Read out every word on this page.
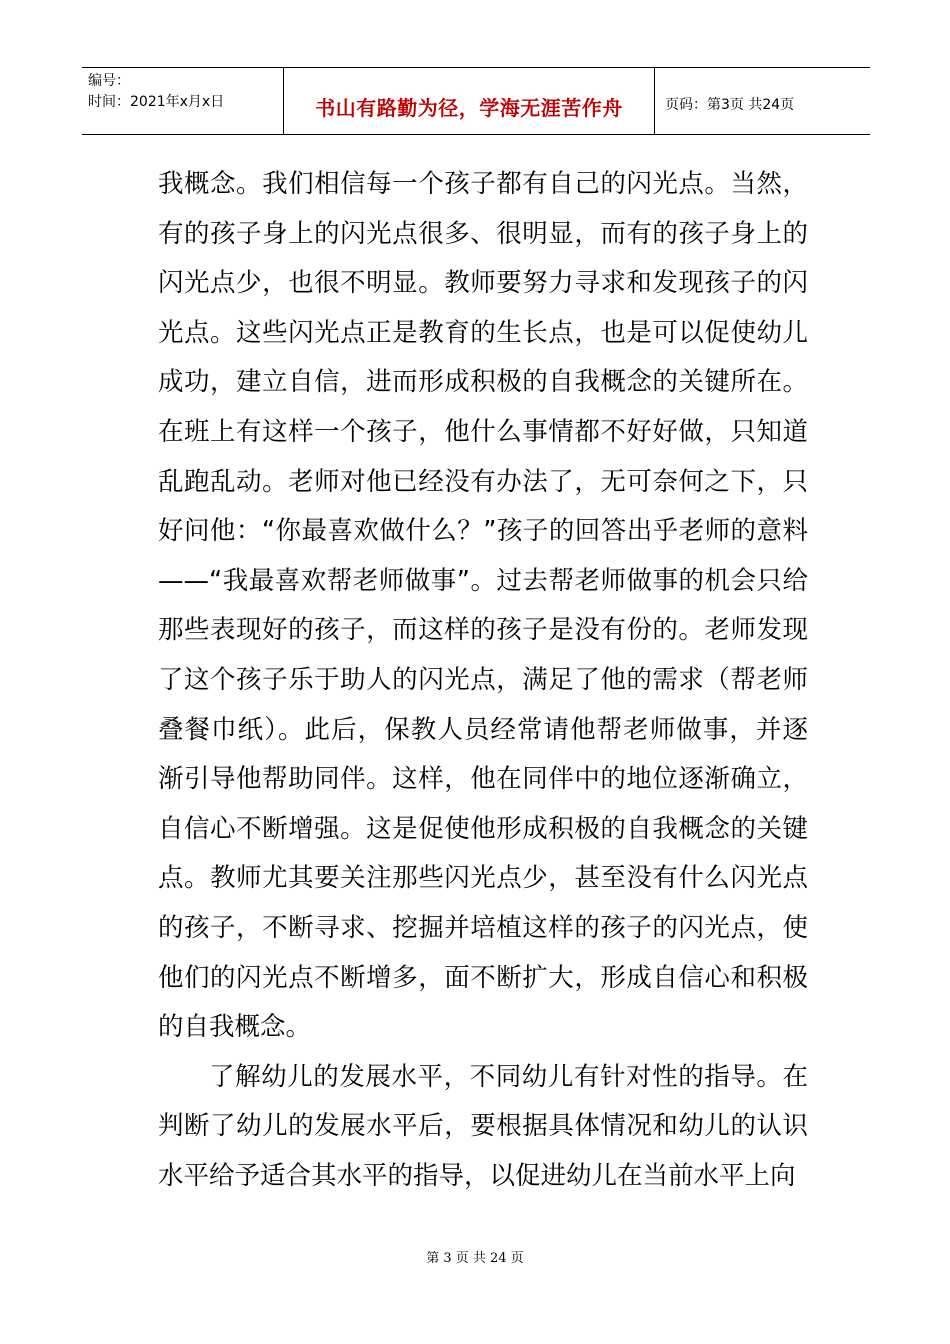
编号：
时间：2021年x月x日	书山有路勤为径，学海无涯苦作舟	页码：第3页 共24页

我概念。我们相信每一个孩子都有自己的闪光点。当然，有的孩子身上的闪光点很多、很明显，而有的孩子身上的闪光点少，也很不明显。教师要努力寻求和发现孩子的闪光点。这些闪光点正是教育的生长点，也是可以促使幼儿成功，建立自信，进而形成积极的自我概念的关键所在。在班上有这样一个孩子，他什么事情都不好好做，只知道乱跑乱动。老师对他已经没有办法了，无可奈何之下，只好问他：“你最喜欢做什么？”孩子的回答出乎老师的意料——“我最喜欢帮老师做事”。过去帮老师做事的机会只给那些表现好的孩子，而这样的孩子是没有份的。老师发现了这个孩子乐于助人的闪光点，满足了他的需求（帮老师叠餐巾纸）。此后，保教人员经常请他帮老师做事，并逐渐引导他帮助同伴。这样，他在同伴中的地位逐渐确立，自信心不断增强。这是促使他形成积极的自我概念的关键点。教师尤其要关注那些闪光点少，甚至没有什么闪光点的孩子，不断寻求、挖掘并培植这样的孩子的闪光点，使他们的闪光点不断增多，面不断扩大，形成自信心和积极的自我概念。

了解幼儿的发展水平，不同幼儿有针对性的指导。在判断了幼儿的发展水平后，要根据具体情况和幼儿的认识水平给予适合其水平的指导，以促进幼儿在当前水平上向

第 3 页 共 24 页
